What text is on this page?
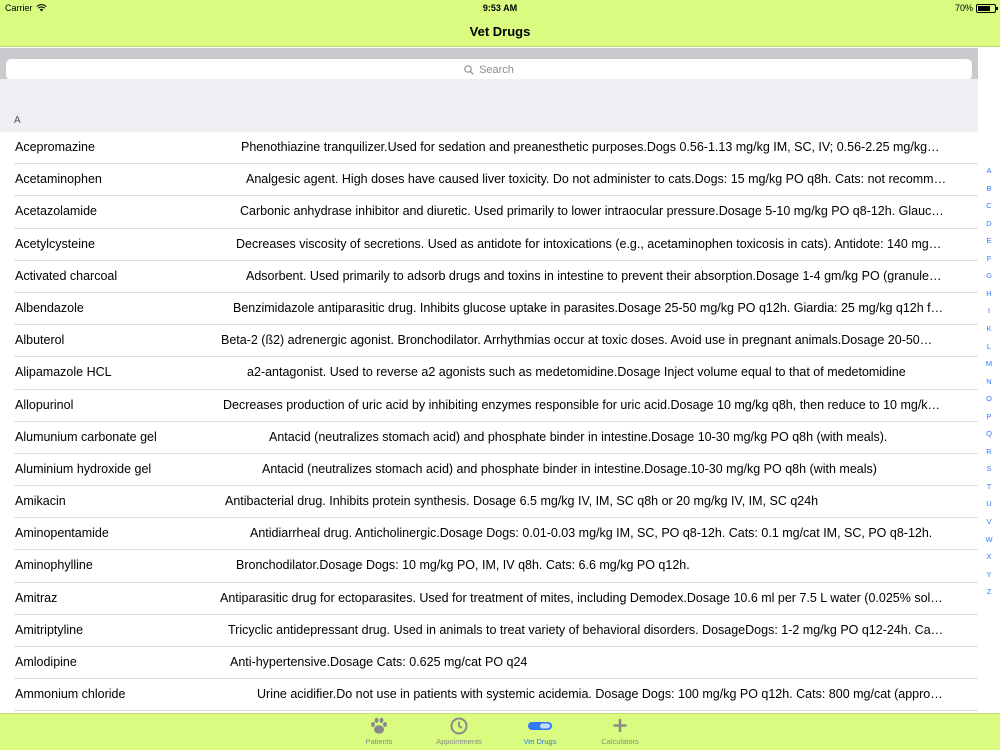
Carrier	9:53 AM	70%
Vet Drugs
Search
A
Acepromazine	Phenothiazine tranquilizer.Used for sedation and preanesthetic purposes.Dogs 0.56-1.13 mg/kg IM, SC, IV; 0.56-2.25 mg/kg…
Acetaminophen	Analgesic agent. High doses have caused liver toxicity. Do not administer to cats.Dogs: 15 mg/kg PO q8h. Cats: not recomm…
Acetazolamide	Carbonic anhydrase inhibitor and diuretic. Used primarily to lower intraocular pressure.Dosage 5-10 mg/kg PO q8-12h. Glauc…
Acetylcysteine	Decreases viscosity of secretions. Used as antidote for intoxications (e.g., acetaminophen toxicosis in cats). Antidote: 140 mg…
Activated charcoal	Adsorbent. Used primarily to adsorb drugs and toxins in intestine to prevent their absorption.Dosage 1-4 gm/kg PO (granule…
Albendazole	Benzimidazole antiparasitic drug. Inhibits glucose uptake in parasites.Dosage 25-50 mg/kg PO q12h. Giardia: 25 mg/kg q12h f…
Albuterol	Beta-2 (ß2) adrenergic agonist. Bronchodilator. Arrhythmias occur at toxic doses. Avoid use in pregnant animals.Dosage 20-50…
Alipamazole HCL	a2-antagonist. Used to reverse a2 agonists such as medetomidine.Dosage Inject volume equal to that of medetomidine
Allopurinol	Decreases production of uric acid by inhibiting enzymes responsible for uric acid.Dosage 10 mg/kg q8h, then reduce to 10 mg/k…
Alumunium carbonate gel	Antacid (neutralizes stomach acid) and phosphate binder in intestine.Dosage 10-30 mg/kg PO q8h (with meals).
Aluminium hydroxide gel	Antacid (neutralizes stomach acid) and phosphate binder in intestine.Dosage.10-30 mg/kg PO q8h (with meals)
Amikacin	Antibacterial drug. Inhibits protein synthesis. Dosage 6.5 mg/kg IV, IM, SC q8h or 20 mg/kg IV, IM, SC q24h
Aminopentamide	Antidiarrheal drug. Anticholinergic.Dosage Dogs: 0.01-0.03 mg/kg IM, SC, PO q8-12h. Cats: 0.1 mg/cat IM, SC, PO q8-12h.
Aminophylline	Bronchodilator.Dosage Dogs: 10 mg/kg PO, IM, IV q8h. Cats: 6.6 mg/kg PO q12h.
Amitraz	Antiparasitic drug for ectoparasites. Used for treatment of mites, including Demodex.Dosage 10.6 ml per 7.5 L water (0.025% sol…
Amitriptyline	Tricyclic antidepressant drug. Used in animals to treat variety of behavioral disorders. DosageDogs: 1-2 mg/kg PO q12-24h. Ca…
Amlodipine	Anti-hypertensive.Dosage Cats: 0.625 mg/cat PO q24
Ammonium chloride	Urine acidifier.Do not use in patients with systemic acidemia. Dosage Dogs: 100 mg/kg PO q12h. Cats: 800 mg/cat (appro…
A
B
C
D
E
F
G
H
I
K
L
M
N
O
P
Q
R
S
T
U
V
W
X
Y
Z
Patients	Appointments	Vet Drugs	Calculators
